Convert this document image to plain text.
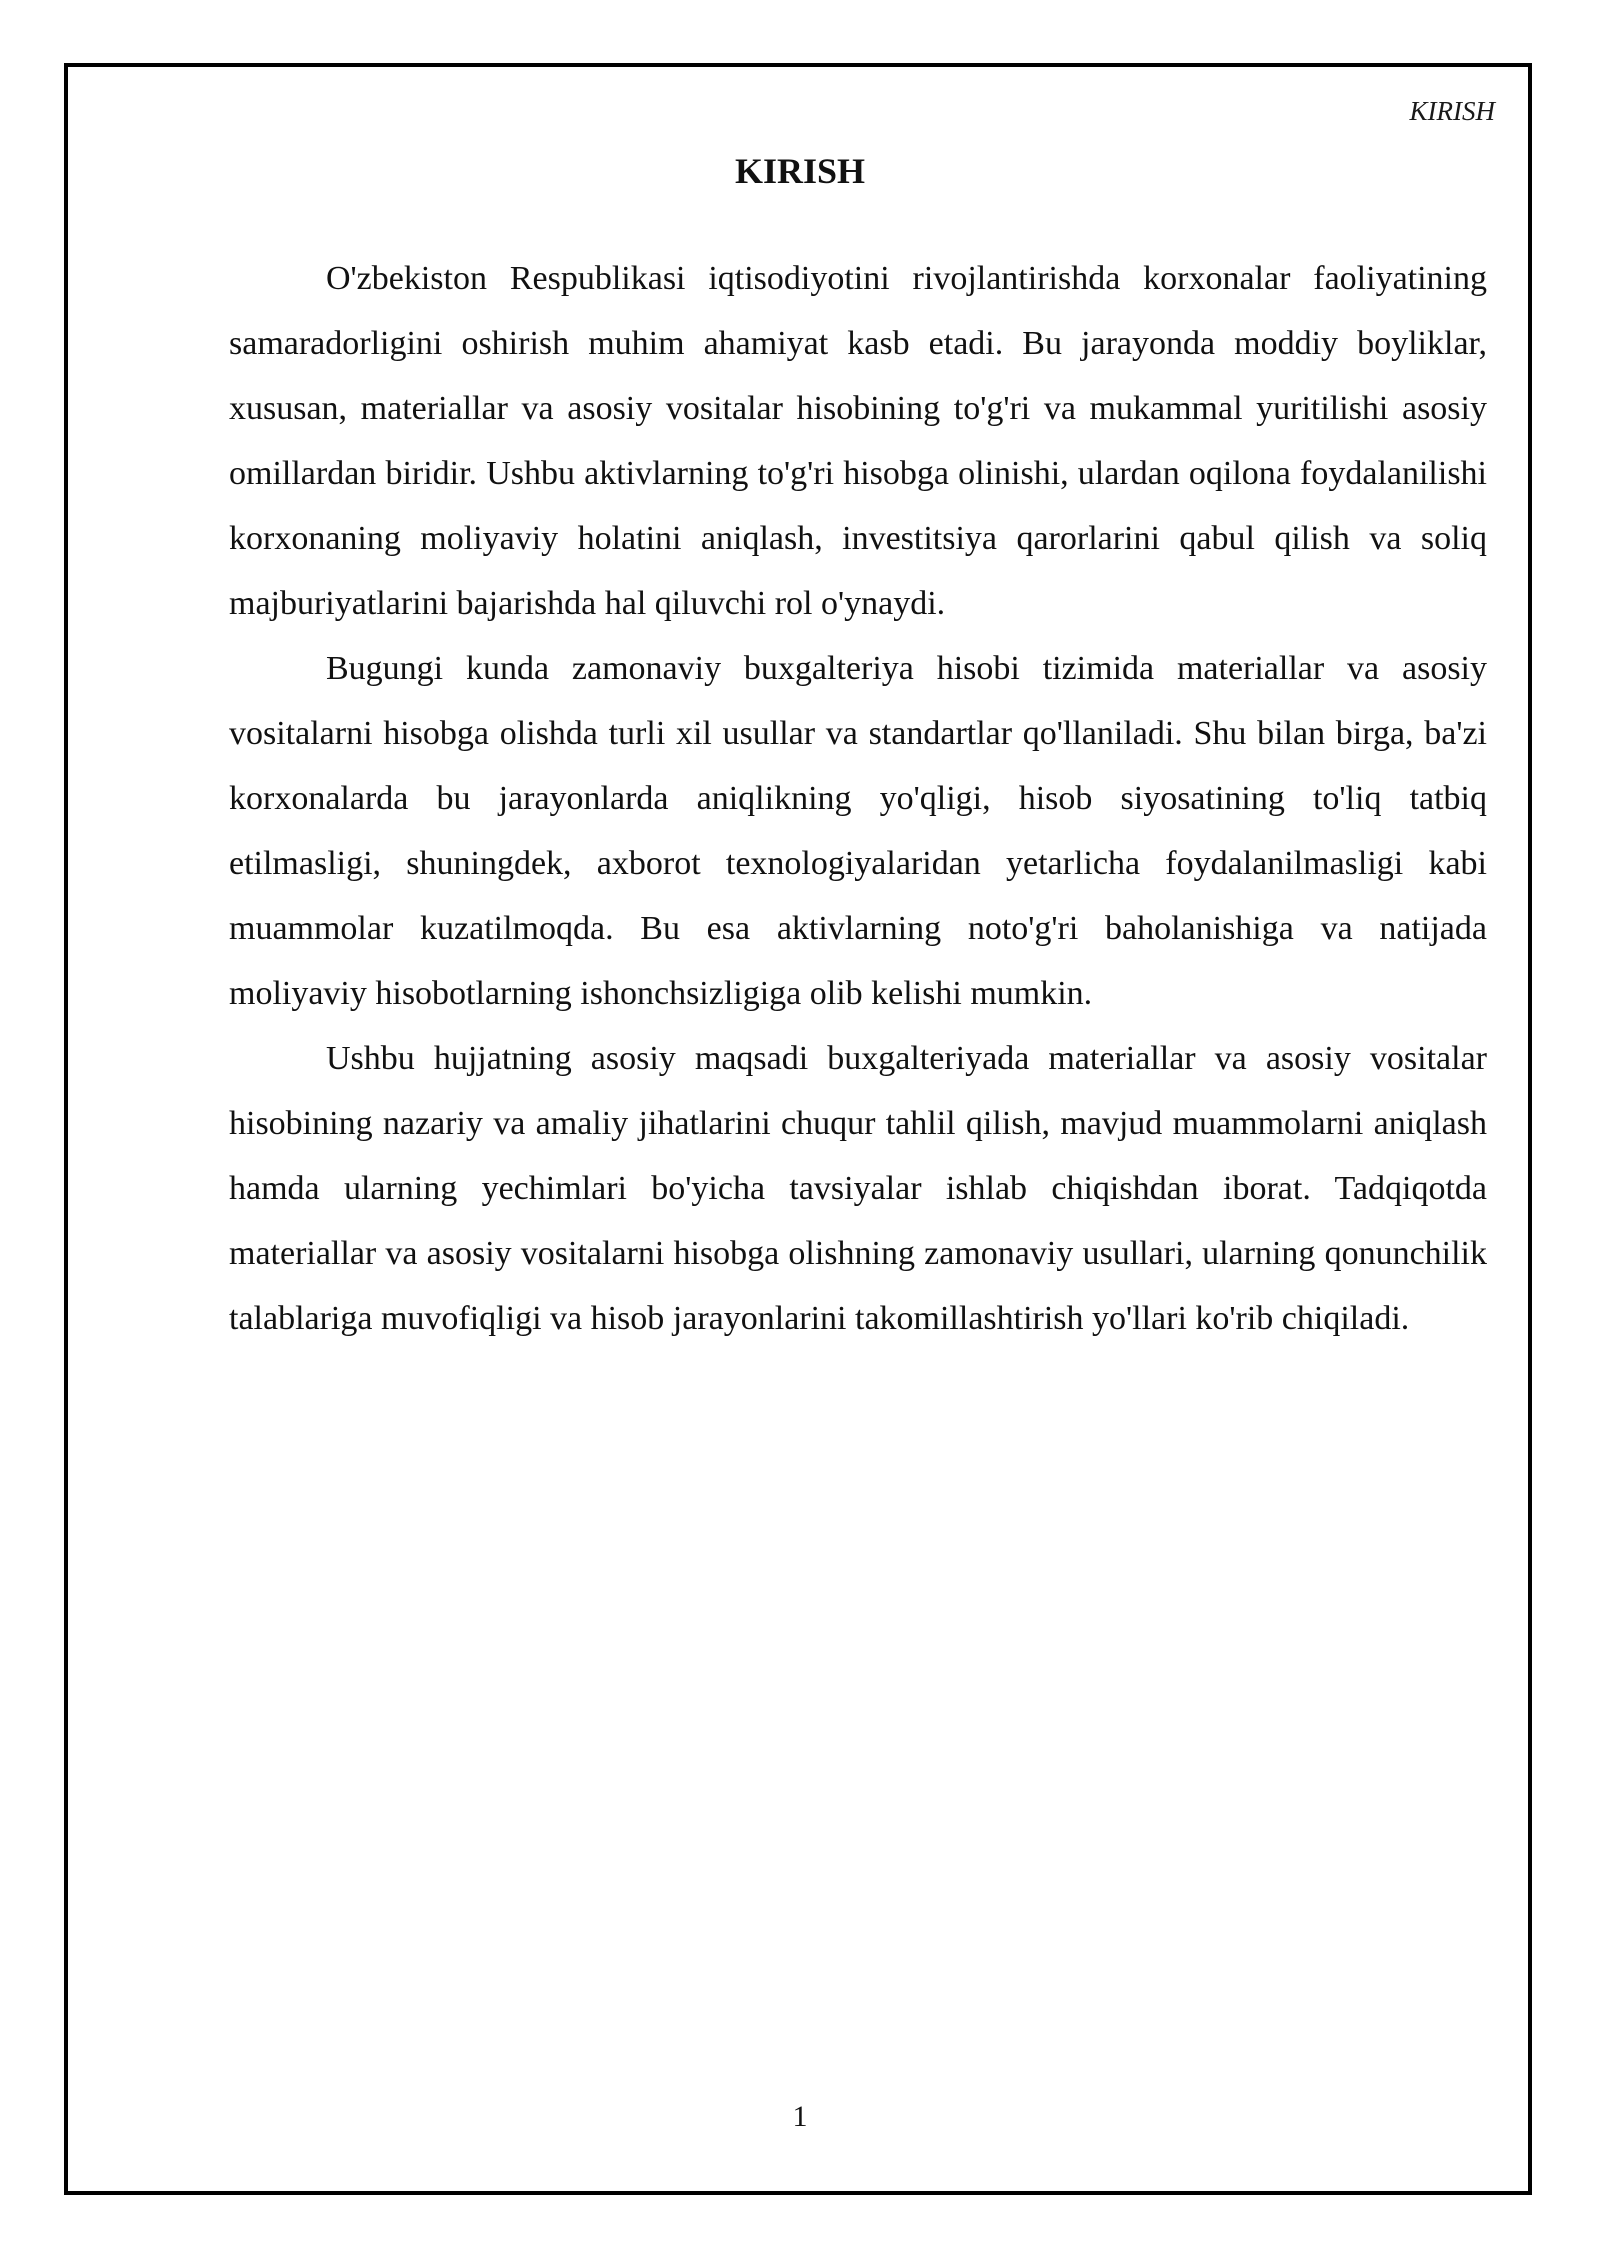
KIRISH
KIRISH

O'zbekiston Respublikasi iqtisodiyotini rivojlantirishda korxonalar faoliyatining samaradorligini oshirish muhim ahamiyat kasb etadi. Bu jarayonda moddiy boyliklar, xususan, materiallar va asosiy vositalar hisobining to'g'ri va mukammal yuritilishi asosiy omillardan biridir. Ushbu aktivlarning to'g'ri hisobga olinishi, ulardan oqilona foydalanilishi korxonaning moliyaviy holatini aniqlash, investitsiya qarorlarini qabul qilish va soliq majburiyatlarini bajarishda hal qiluvchi rol o'ynaydi.

Bugungi kunda zamonaviy buxgalteriya hisobi tizimida materiallar va asosiy vositalarni hisobga olishda turli xil usullar va standartlar qo'llaniladi. Shu bilan birga, ba'zi korxonalarda bu jarayonlarda aniqlikning yo'qligi, hisob siyosatining to'liq tatbiq etilmasligi, shuningdek, axborot texnologiyalaridan yetarlicha foydalanilmasligi kabi muammolar kuzatilmoqda. Bu esa aktivlarning noto'g'ri baholanishiga va natijada moliyaviy hisobotlarning ishonchsizligiga olib kelishi mumkin.

Ushbu hujjatning asosiy maqsadi buxgalteriyada materiallar va asosiy vositalar hisobining nazariy va amaliy jihatlarini chuqur tahlil qilish, mavjud muammolarni aniqlash hamda ularning yechimlari bo'yicha tavsiyalar ishlab chiqishdan iborat. Tadqiqotda materiallar va asosiy vositalarni hisobga olishning zamonaviy usullari, ularning qonunchilik talablariga muvofiqligi va hisob jarayonlarini takomillashtirish yo'llari ko'rib chiqiladi.

1
